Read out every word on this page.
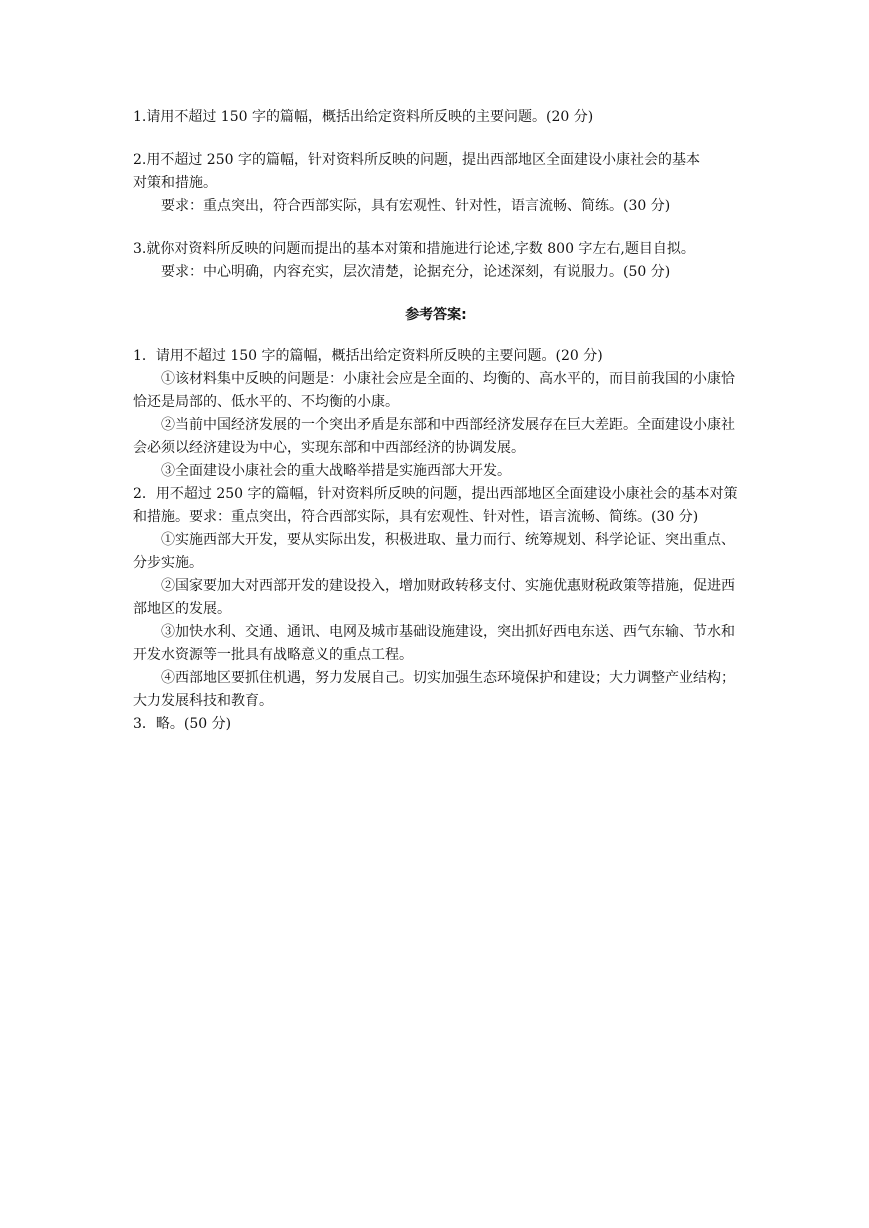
1.请用不超过 150 字的篇幅，概括出给定资料所反映的主要问题。(20 分)
2.用不超过 250 字的篇幅，针对资料所反映的问题，提出西部地区全面建设小康社会的基本
对策和措施。
要求：重点突出，符合西部实际，具有宏观性、针对性，语言流畅、简练。(30 分)
3.就你对资料所反映的问题而提出的基本对策和措施进行论述,字数 800 字左右,题目自拟。
要求：中心明确，内容充实，层次清楚，论据充分，论述深刻，有说服力。(50 分)
参考答案:

1．请用不超过 150 字的篇幅，概括出给定资料所反映的主要问题。(20 分)

①该材料集中反映的问题是：小康社会应是全面的、均衡的、高水平的，而目前我国的小康恰恰还是局部的、低水平的、不均衡的小康。

②当前中国经济发展的一个突出矛盾是东部和中西部经济发展存在巨大差距。全面建设小康社会必须以经济建设为中心，实现东部和中西部经济的协调发展。

③全面建设小康社会的重大战略举措是实施西部大开发。

2．用不超过 250 字的篇幅，针对资料所反映的问题，提出西部地区全面建设小康社会的基本对策和措施。要求：重点突出，符合西部实际，具有宏观性、针对性，语言流畅、简练。(30 分)

①实施西部大开发，要从实际出发，积极进取、量力而行、统筹规划、科学论证、突出重点、分步实施。

②国家要加大对西部开发的建设投入，增加财政转移支付、实施优惠财税政策等措施，促进西部地区的发展。

③加快水利、交通、通讯、电网及城市基础设施建设，突出抓好西电东送、西气东输、节水和开发水资源等一批具有战略意义的重点工程。

④西部地区要抓住机遇，努力发展自己。切实加强生态环境保护和建设；大力调整产业结构；大力发展科技和教育。

3．略。(50 分)
